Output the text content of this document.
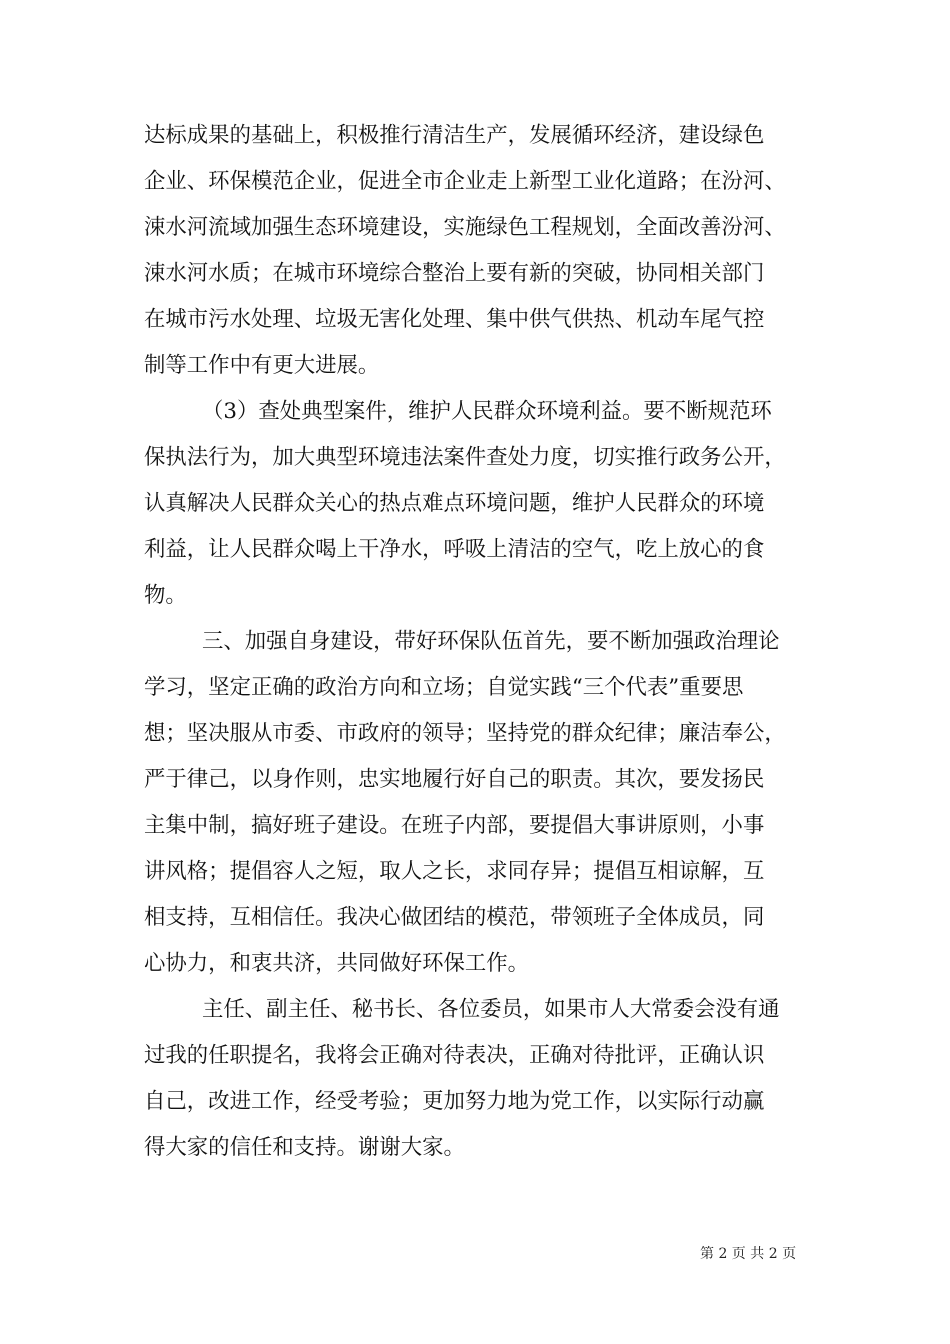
达标成果的基础上，积极推行清洁生产，发展循环经济，建设绿色
企业、环保模范企业，促进全市企业走上新型工业化道路；在汾河、
涑水河流域加强生态环境建设，实施绿色工程规划，全面改善汾河、
涑水河水质；在城市环境综合整治上要有新的突破，协同相关部门
在城市污水处理、垃圾无害化处理、集中供气供热、机动车尾气控
制等工作中有更大进展。
（3）查处典型案件，维护人民群众环境利益。要不断规范环
保执法行为，加大典型环境违法案件查处力度，切实推行政务公开，
认真解决人民群众关心的热点难点环境问题，维护人民群众的环境
利益，让人民群众喝上干净水，呼吸上清洁的空气，吃上放心的食
物。
三、加强自身建设，带好环保队伍首先，要不断加强政治理论
学习，坚定正确的政治方向和立场；自觉实践“三个代表”重要思
想；坚决服从市委、市政府的领导；坚持党的群众纪律；廉洁奉公，
严于律己，以身作则，忠实地履行好自己的职责。其次，要发扬民
主集中制，搞好班子建设。在班子内部，要提倡大事讲原则，小事
讲风格；提倡容人之短，取人之长，求同存异；提倡互相谅解，互
相支持，互相信任。我决心做团结的模范，带领班子全体成员，同
心协力，和衷共济，共同做好环保工作。
主任、副主任、秘书长、各位委员，如果市人大常委会没有通
过我的任职提名，我将会正确对待表决，正确对待批评，正确认识
自己，改进工作，经受考验；更加努力地为党工作，以实际行动赢
得大家的信任和支持。谢谢大家。
第 2 页 共 2 页
